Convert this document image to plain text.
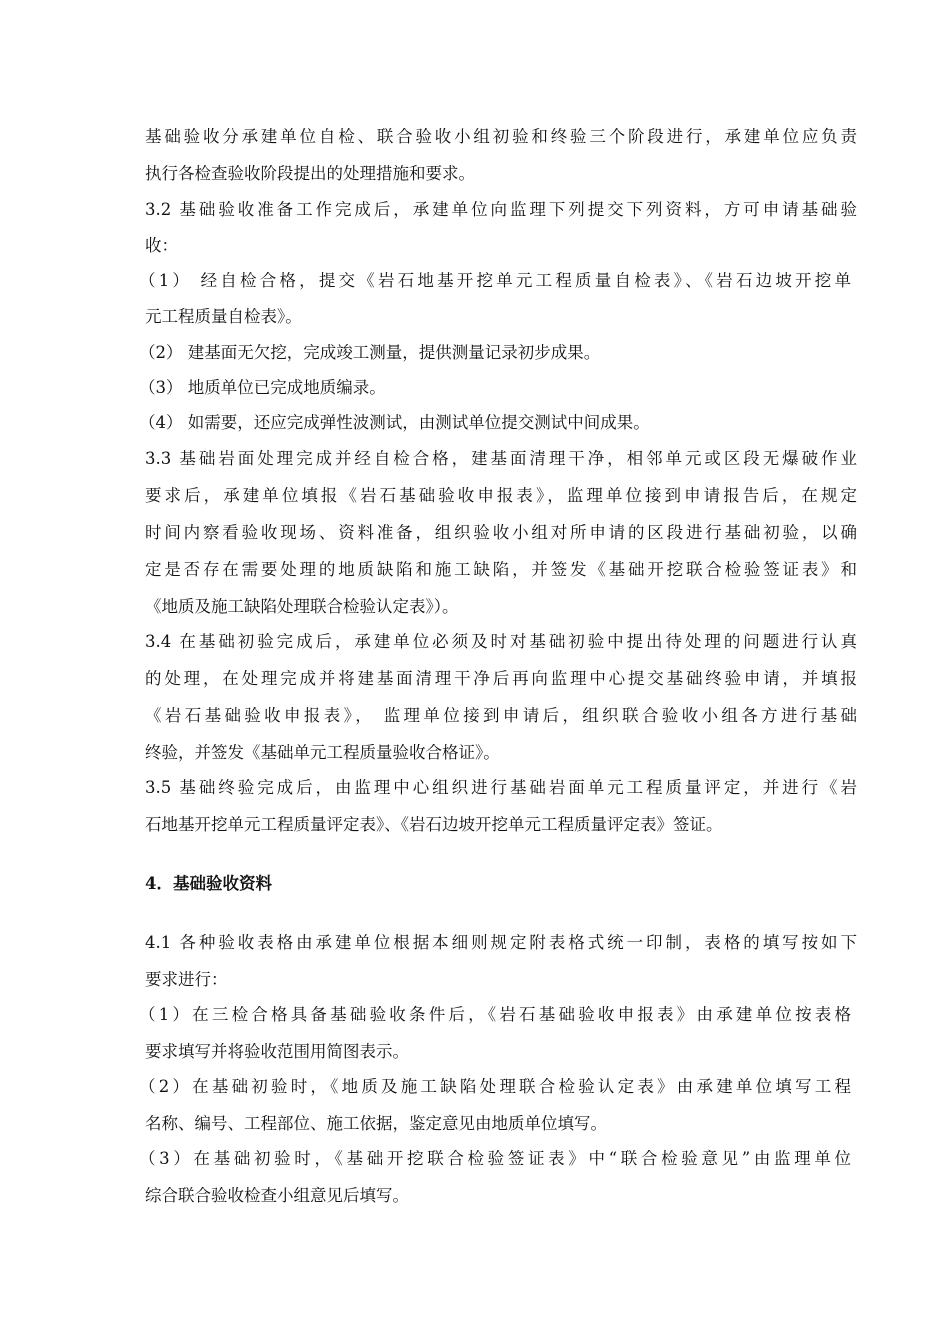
基础验收分承建单位自检、联合验收小组初验和终验三个阶段进行，承建单位应负责
执行各检查验收阶段提出的处理措施和要求。
3.2 基础验收准备工作完成后，承建单位向监理下列提交下列资料，方可申请基础验
收：
（1） 经自检合格，提交《岩石地基开挖单元工程质量自检表》、《岩石边坡开挖单
元工程质量自检表》。
（2） 建基面无欠挖，完成竣工测量，提供测量记录初步成果。
（3） 地质单位已完成地质编录。
（4） 如需要，还应完成弹性波测试，由测试单位提交测试中间成果。
3.3 基础岩面处理完成并经自检合格，建基面清理干净，相邻单元或区段无爆破作业
要求后，承建单位填报《岩石基础验收申报表》，监理单位接到申请报告后，在规定
时间内察看验收现场、资料准备，组织验收小组对所申请的区段进行基础初验，以确
定是否存在需要处理的地质缺陷和施工缺陷，并签发《基础开挖联合检验签证表》和
《地质及施工缺陷处理联合检验认定表》）。
3.4 在基础初验完成后，承建单位必须及时对基础初验中提出待处理的问题进行认真
的处理，在处理完成并将建基面清理干净后再向监理中心提交基础终验申请，并填报
《岩石基础验收申报表》， 监理单位接到申请后，组织联合验收小组各方进行基础
终验，并签发《基础单元工程质量验收合格证》。
3.5 基础终验完成后，由监理中心组织进行基础岩面单元工程质量评定，并进行《岩
石地基开挖单元工程质量评定表》、《岩石边坡开挖单元工程质量评定表》签证。
4．基础验收资料
4.1 各种验收表格由承建单位根据本细则规定附表格式统一印制，表格的填写按如下
要求进行：
（1）在三检合格具备基础验收条件后，《岩石基础验收申报表》由承建单位按表格
要求填写并将验收范围用简图表示。
（2）在基础初验时，《地质及施工缺陷处理联合检验认定表》由承建单位填写工程
名称、编号、工程部位、施工依据，鉴定意见由地质单位填写。
（3）在基础初验时，《基础开挖联合检验签证表》中“联合检验意见”由监理单位
综合联合验收检查小组意见后填写。
